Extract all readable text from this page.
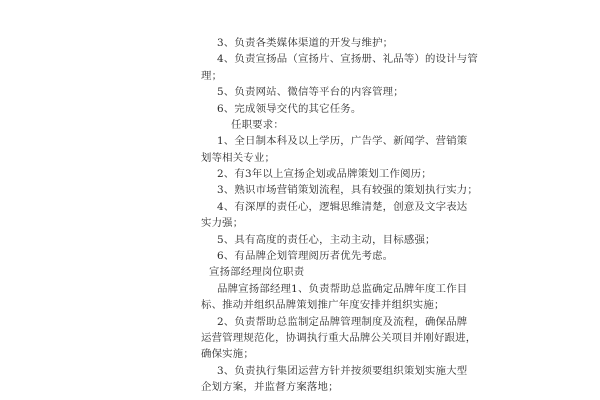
3、负责各类媒体渠道的开发与维护；
4、负责宣扬品（宣扬片、宣扬册、礼品等）的设计与管
理；
5、负责网站、微信等平台的内容管理；
6、完成领导交代的其它任务。
任职要求：
1、全日制本科及以上学历，广告学、新闻学、营销策
划等相关专业；
2、有3年以上宣扬企划或品牌策划工作阅历；
3、熟识市场营销策划流程，具有较强的策划执行实力；
4、有深厚的责任心，逻辑思维清楚，创意及文字表达
实力强；
5、具有高度的责任心，主动主动，目标感强；
6、有品牌企划管理阅历者优先考虑。
宣扬部经理岗位职责
品牌宣扬部经理1、负责帮助总监确定品牌年度工作目
标、推动并组织品牌策划推广年度安排并组织实施；
2、负责帮助总监制定品牌管理制度及流程，确保品牌
运营管理规范化，协调执行重大品牌公关项目并刚好跟进，
确保实施；
3、负责执行集团运营方针并按须要组织策划实施大型
企划方案，并监督方案落地；
